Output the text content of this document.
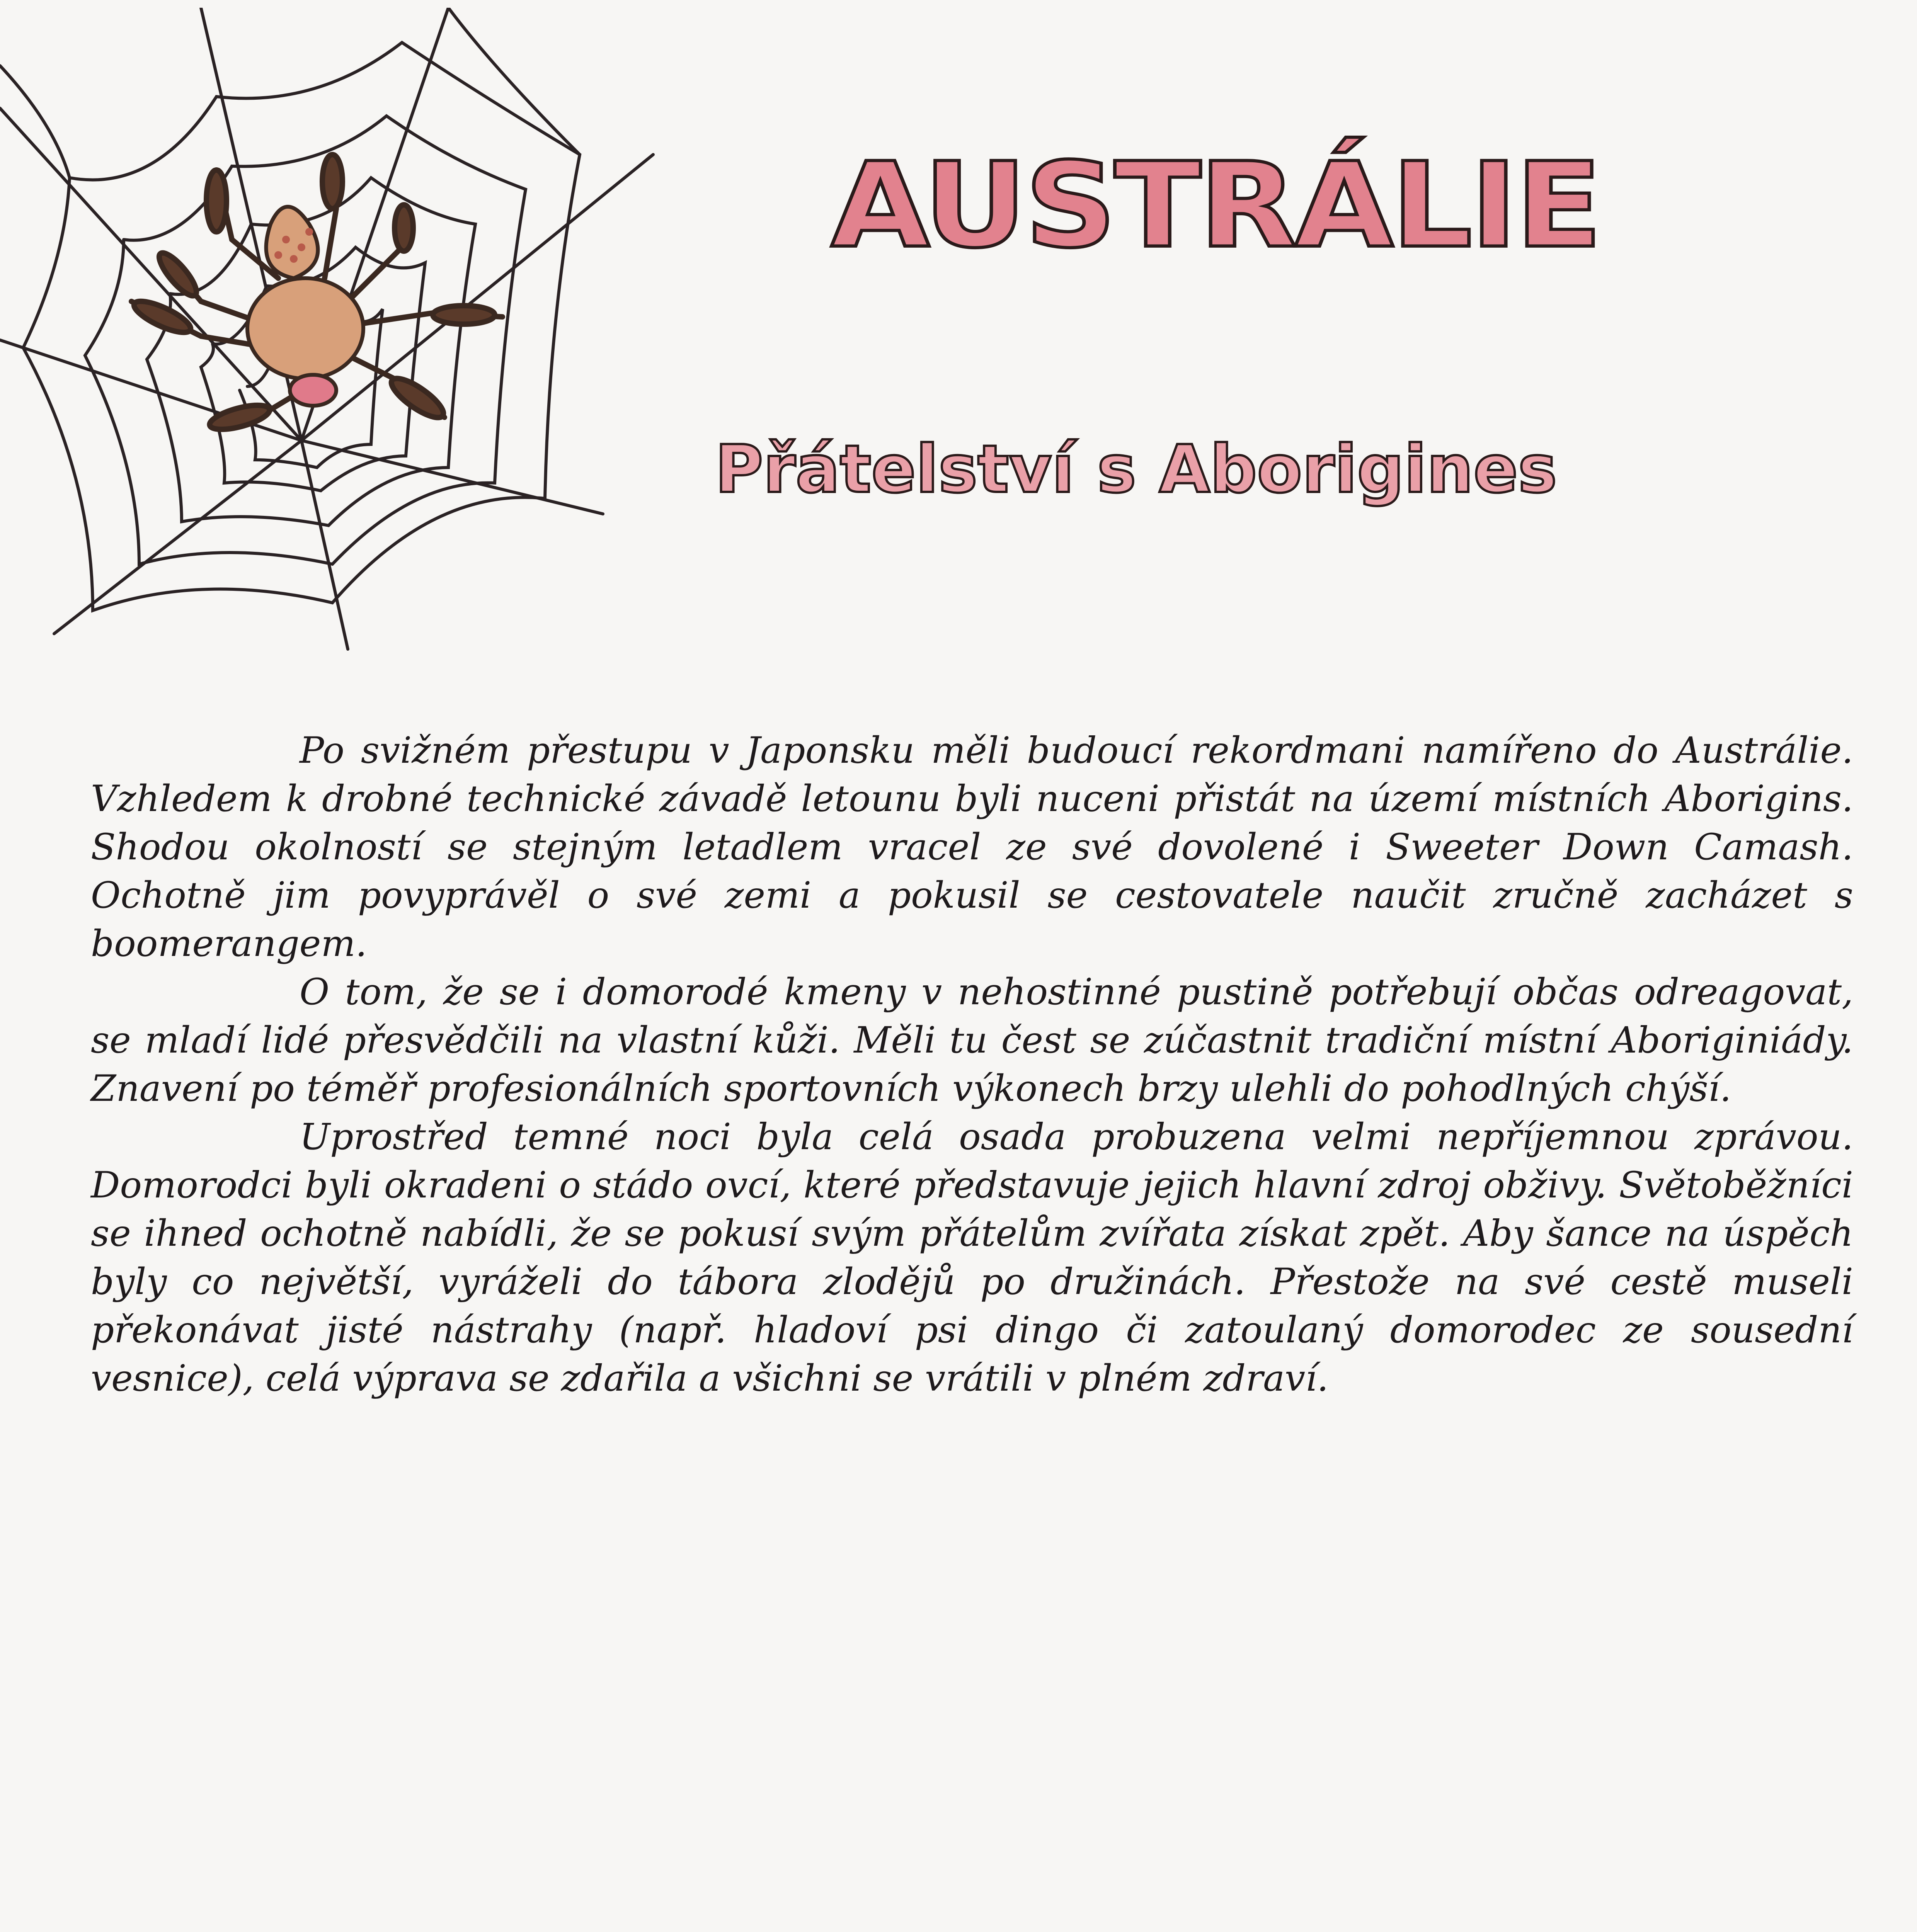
AUSTRÁLIE
Přátelství s Aborigines

Po svižném přestupu v Japonsku měli budoucí rekordmani namířeno do Austrálie. Vzhledem k drobné technické závadě letounu byli nuceni přistát na území místních Aborigins. Shodou okolností se stejným letadlem vracel ze své dovolené i Sweeter Down Camash. Ochotně jim povyprávěl o své zemi a pokusil se cestovatele naučit zručně zacházet s boomerangem.

O tom, že se i domorodé kmeny v nehostinné pustině potřebují občas odreagovat, se mladí lidé přesvědčili na vlastní kůži. Měli tu čest se zúčastnit tradiční místní Aboriginiády. Znavení po téměř profesionálních sportovních výkonech brzy ulehli do pohodlných chýší.

Uprostřed temné noci byla celá osada probuzena velmi nepříjemnou zprávou. Domorodci byli okradeni o stádo ovcí, které představuje jejich hlavní zdroj obživy. Světoběžníci se ihned ochotně nabídli, že se pokusí svým přátelům zvířata získat zpět. Aby šance na úspěch byly co největší, vyráželi do tábora zlodějů po družinách. Přestože na své cestě museli překonávat jisté nástrahy (např. hladoví psi dingo či zatoulaný domorodec ze sousední vesnice), celá výprava se zdařila a všichni se vrátili v plném zdraví.
